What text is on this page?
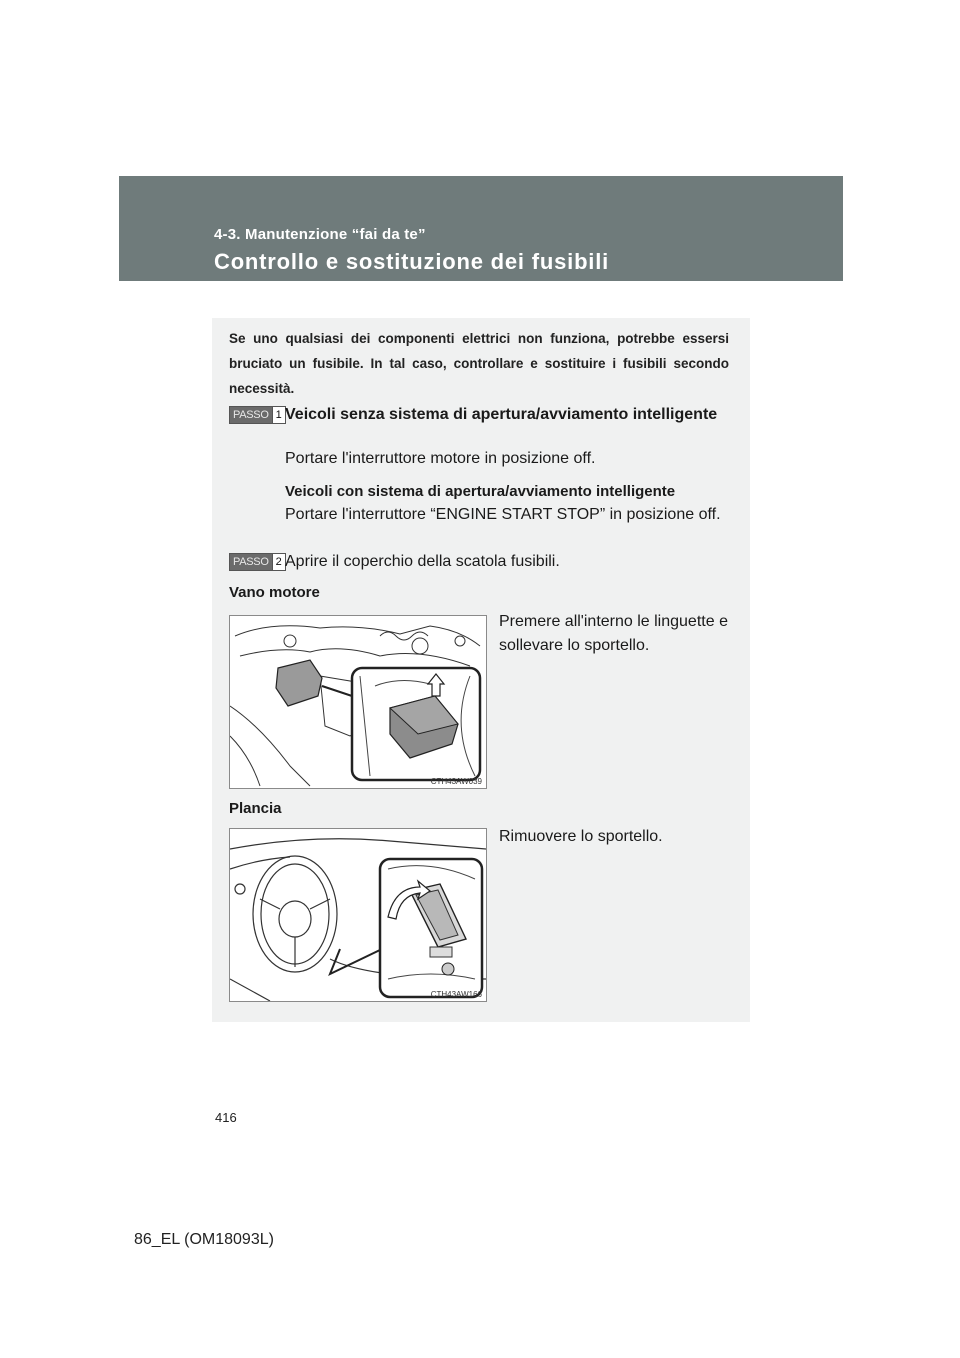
4-3. Manutenzione “fai da te”
Controllo e sostituzione dei fusibili
Se uno qualsiasi dei componenti elettrici non funziona, potrebbe essersi bruciato un fusibile. In tal caso, controllare e sostituire i fusibili secondo necessità.
PASSO 1 Veicoli senza sistema di apertura/avviamento intelligente
Portare l'interruttore motore in posizione off.
Veicoli con sistema di apertura/avviamento intelligente
Portare l'interruttore “ENGINE START STOP” in posizione off.
PASSO 2 Aprire il coperchio della scatola fusibili.
Vano motore
CTH43AW039
Premere all'interno le linguette e sollevare lo sportello.
Plancia
CTH43AW166
Rimuovere lo sportello.
416
86_EL (OM18093L)
